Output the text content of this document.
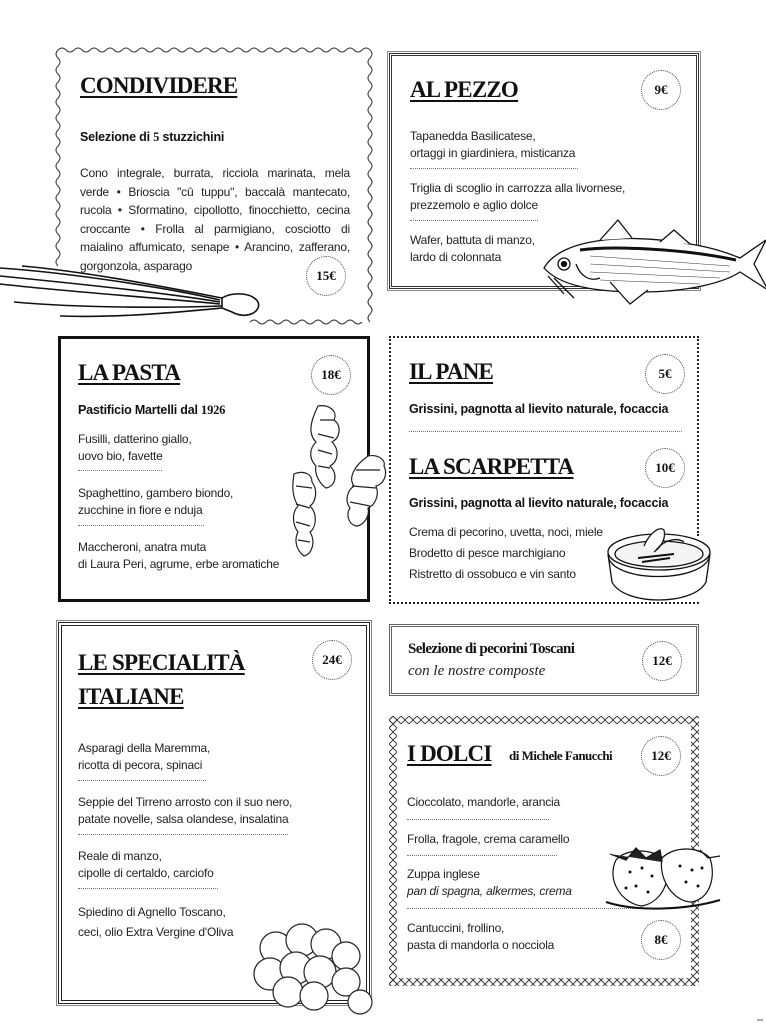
CONDIVIDERE
Selezione di 5 stuzzichini
Cono integrale, burrata, ricciola marinata, mela verde • Brioscia "cû tuppu", baccalà mantecato, rucola • Sformatino, cipollotto, finocchietto, cecina croccante • Frolla al parmigiano, cosciotto di maialino affumicato, senape • Arancino, zafferano, gorgonzola, asparago
15€
AL PEZZO	9€
Tapanedda Basilicatese,
ortaggi in giardiniera, misticanza
Triglia di scoglio in carrozza alla livornese,
prezzemolo e aglio dolce
Wafer, battuta di manzo,
lardo di colonnata
LA PASTA	18€
Pastificio Martelli dal 1926
Fusilli, datterino giallo,
uovo bio, favette
Spaghettino, gambero biondo,
zucchine in fiore e nduja
Maccheroni, anatra muta
di Laura Peri, agrume, erbe aromatiche
IL PANE	5€
Grissini, pagnotta al lievito naturale, focaccia
LA SCARPETTA	10€
Grissini, pagnotta al lievito naturale, focaccia
Crema di pecorino, uvetta, noci, miele
Brodetto di pesce marchigiano
Ristretto di ossobuco e vin santo
LE SPECIALITÀ
ITALIANE
24€
Asparagi della Maremma,
ricotta di pecora, spinaci
Seppie del Tirreno arrosto con il suo nero,
patate novelle, salsa olandese, insalatina
Reale di manzo,
cipolle di certaldo, carciofo
Spiedino di Agnello Toscano,
ceci, olio Extra Vergine d'Oliva
Selezione di pecorini Toscani
con le nostre composte
12€
I DOLCI di Michele Fanucchi	12€
Cioccolato, mandorle, arancia
Frolla, fragole, crema caramello
Zuppa inglese
pan di spagna, alkermes, crema
Cantuccini, frollino,
pasta di mandorla o nocciola	8€
